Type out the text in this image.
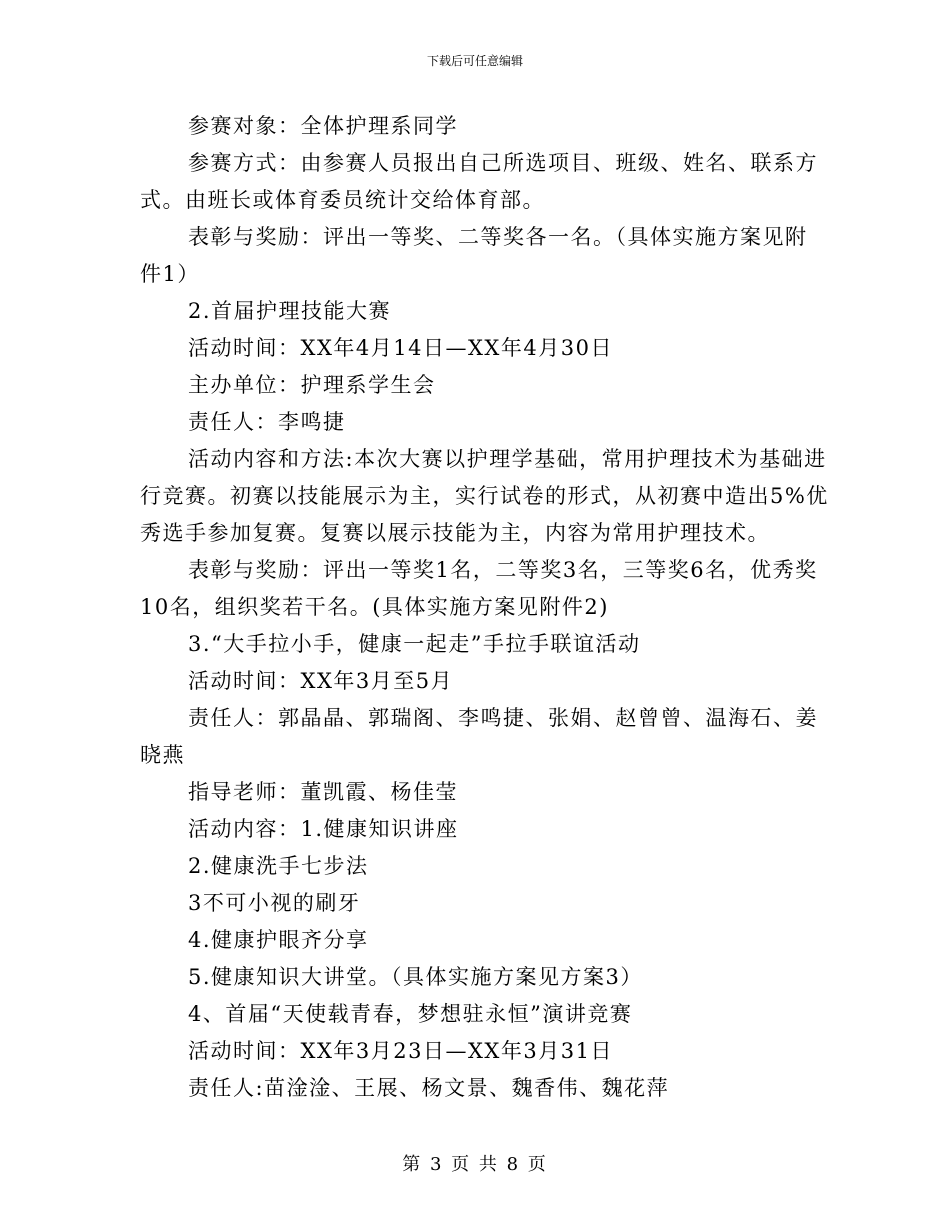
下载后可任意编辑

参赛对象：全体护理系同学

参赛方式：由参赛人员报出自己所选项目、班级、姓名、联系方

式。由班长或体育委员统计交给体育部。

表彰与奖励：评出一等奖、二等奖各一名。（具体实施方案见附

件1）

2.首届护理技能大赛

活动时间：XX年4月14日—XX年4月30日

主办单位：护理系学生会

责任人：李鸣捷

活动内容和方法:本次大赛以护理学基础，常用护理技术为基础进

行竞赛。初赛以技能展示为主，实行试卷的形式，从初赛中造出5%优

秀选手参加复赛。复赛以展示技能为主，内容为常用护理技术。

表彰与奖励：评出一等奖1名，二等奖3名，三等奖6名，优秀奖

10名，组织奖若干名。(具体实施方案见附件2)

3.“大手拉小手，健康一起走”手拉手联谊活动

活动时间：XX年3月至5月

责任人：郭晶晶、郭瑞阁、李鸣捷、张娟、赵曾曾、温海石、姜

晓燕

指导老师：董凯霞、杨佳莹

活动内容：1.健康知识讲座

2.健康洗手七步法

3不可小视的刷牙

4.健康护眼齐分享

5.健康知识大讲堂。（具体实施方案见方案3）

4、首届“天使载青春，梦想驻永恒”演讲竞赛

活动时间：XX年3月23日—XX年3月31日

责任人:苗淦淦、王展、杨文景、魏香伟、魏花萍

第 3 页 共 8 页
